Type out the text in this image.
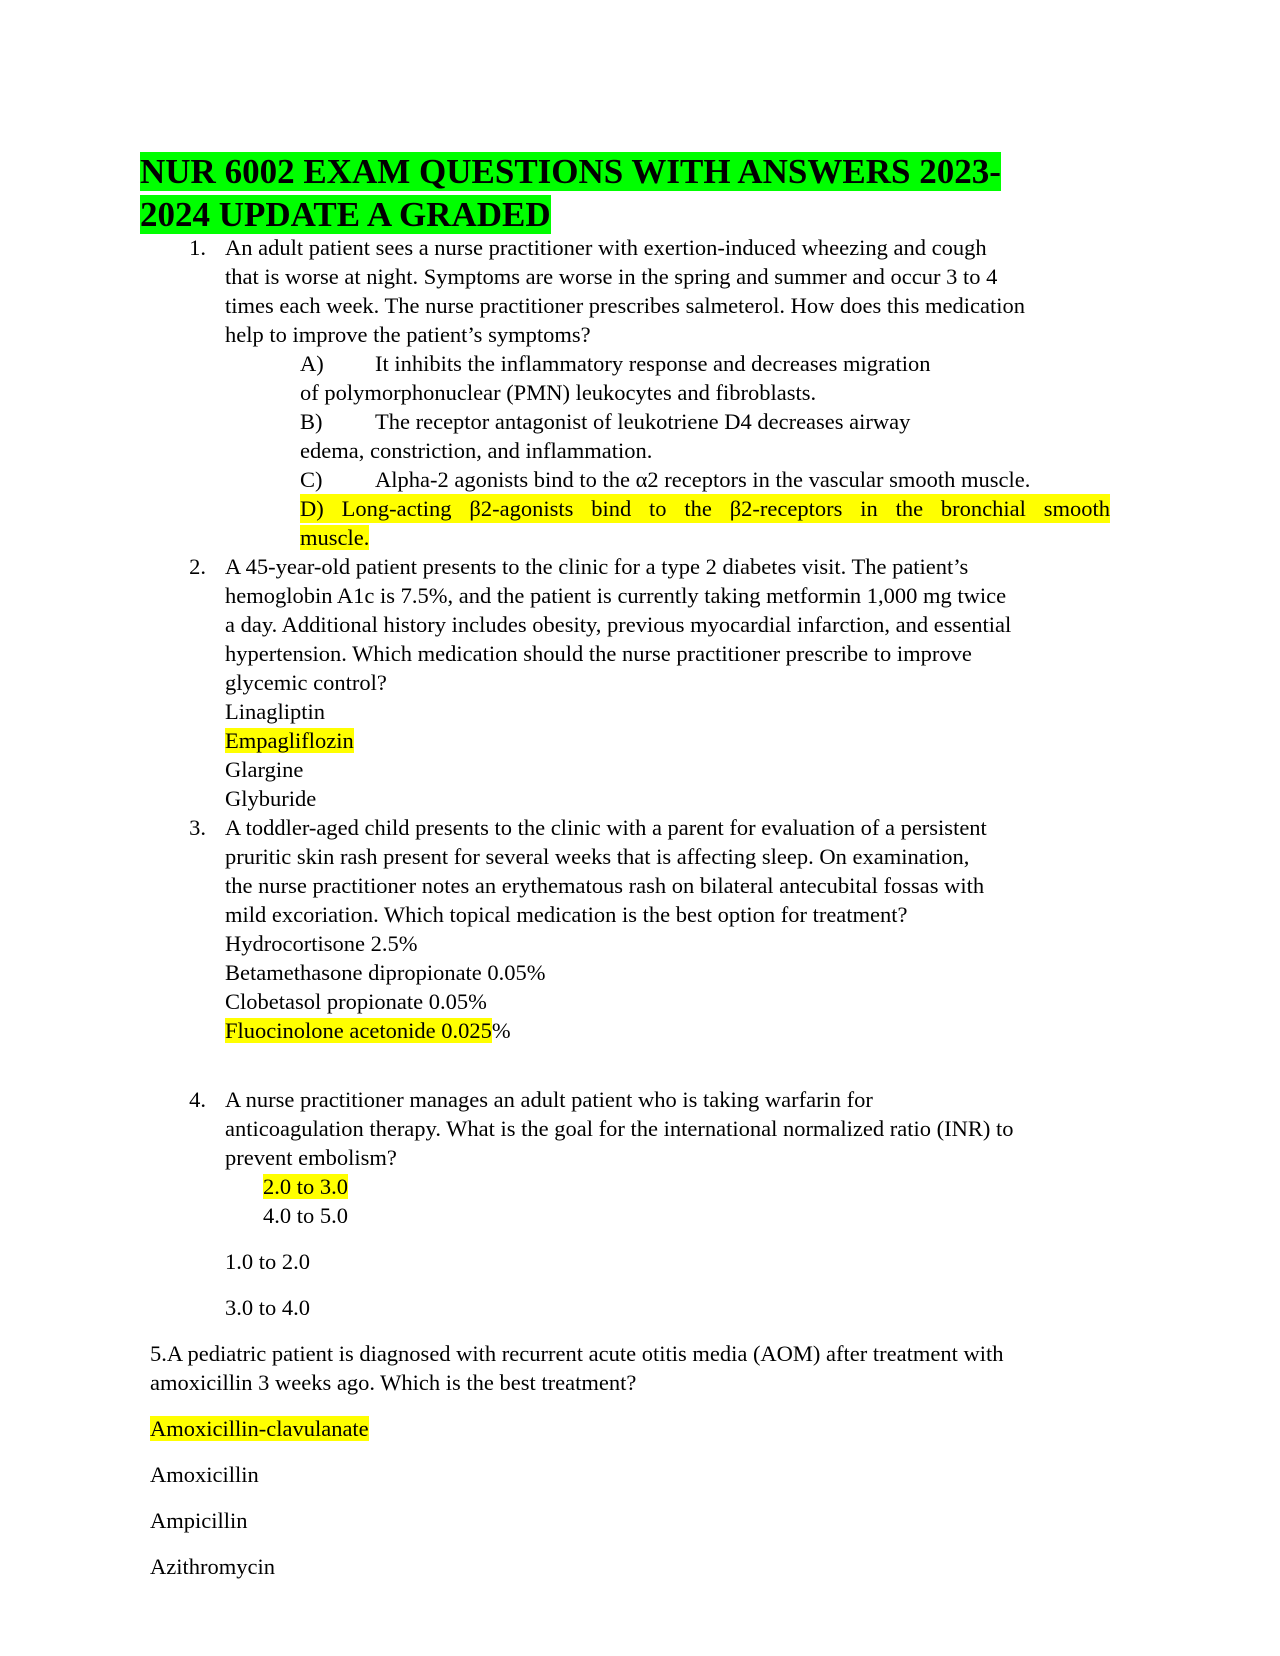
NUR 6002 EXAM QUESTIONS WITH ANSWERS 2023-
2024 UPDATE A GRADED
1. An adult patient sees a nurse practitioner with exertion-induced wheezing and cough
that is worse at night. Symptoms are worse in the spring and summer and occur 3 to 4
times each week. The nurse practitioner prescribes salmeterol. How does this medication
help to improve the patient’s symptoms?
A) It inhibits the inflammatory response and decreases migration
of polymorphonuclear (PMN) leukocytes and fibroblasts.
B) The receptor antagonist of leukotriene D4 decreases airway
edema, constriction, and inflammation.
C) Alpha-2 agonists bind to the α2 receptors in the vascular smooth muscle.
D) Long-acting β2-agonists bind to the β2-receptors in the bronchial smooth
muscle.
2. A 45-year-old patient presents to the clinic for a type 2 diabetes visit. The patient’s
hemoglobin A1c is 7.5%, and the patient is currently taking metformin 1,000 mg twice
a day. Additional history includes obesity, previous myocardial infarction, and essential
hypertension. Which medication should the nurse practitioner prescribe to improve
glycemic control?
Linagliptin
Empagliflozin
Glargine
Glyburide
3. A toddler-aged child presents to the clinic with a parent for evaluation of a persistent
pruritic skin rash present for several weeks that is affecting sleep. On examination,
the nurse practitioner notes an erythematous rash on bilateral antecubital fossas with
mild excoriation. Which topical medication is the best option for treatment?
Hydrocortisone 2.5%
Betamethasone dipropionate 0.05%
Clobetasol propionate 0.05%
Fluocinolone acetonide 0.025%
4. A nurse practitioner manages an adult patient who is taking warfarin for
anticoagulation therapy. What is the goal for the international normalized ratio (INR) to
prevent embolism?
2.0 to 3.0
4.0 to 5.0
1.0 to 2.0
3.0 to 4.0
5.A pediatric patient is diagnosed with recurrent acute otitis media (AOM) after treatment with
amoxicillin 3 weeks ago. Which is the best treatment?
Amoxicillin-clavulanate
Amoxicillin
Ampicillin
Azithromycin
